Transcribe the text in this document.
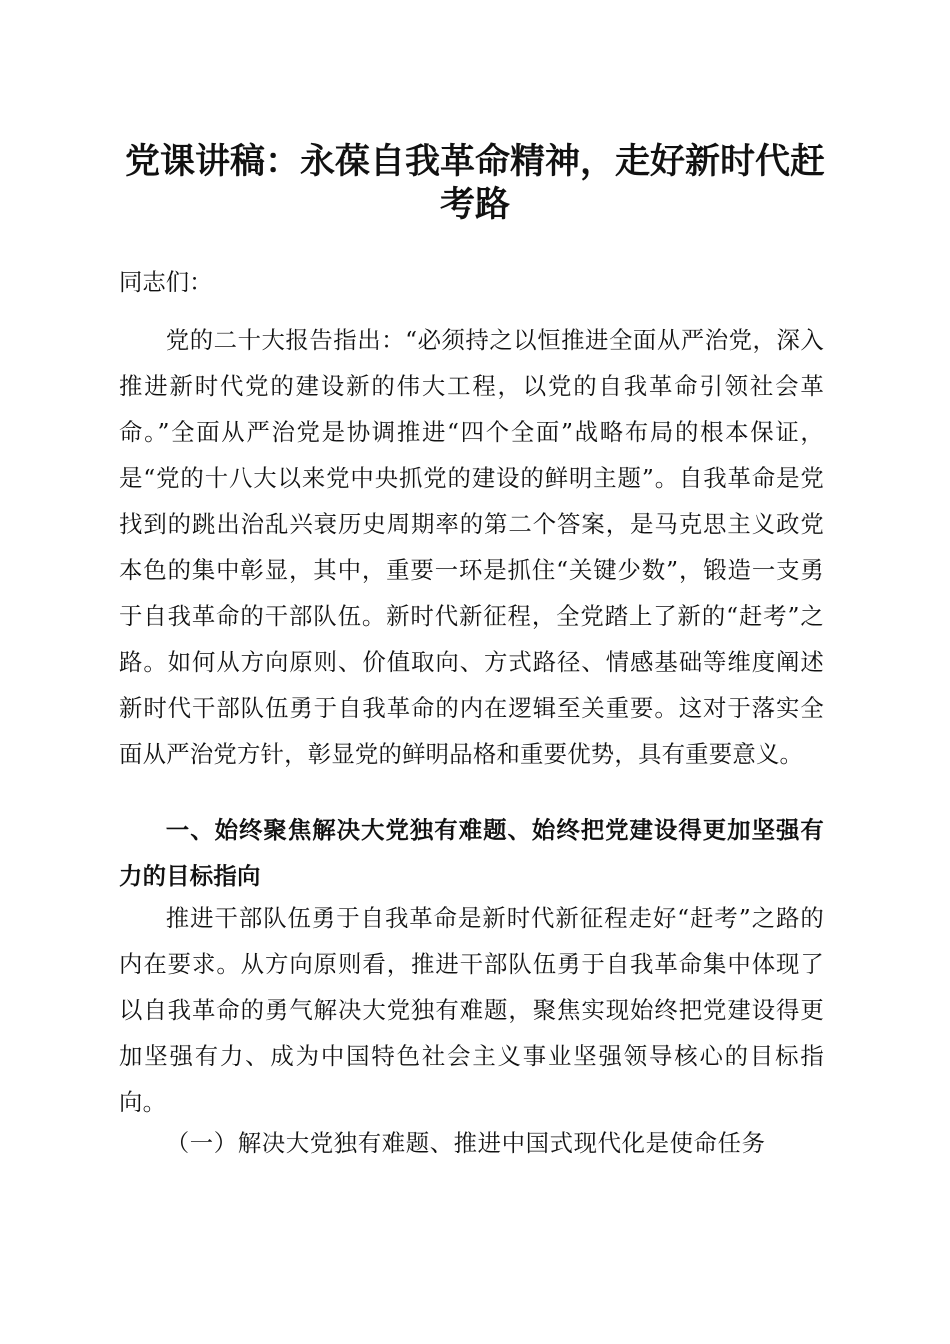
党课讲稿：永葆自我革命精神，走好新时代赶
考路

同志们：

党的二十大报告指出：“必须持之以恒推进全面从严治党，深入推进新时代党的建设新的伟大工程，以党的自我革命引领社会革命。”全面从严治党是协调推进“四个全面”战略布局的根本保证，是“党的十八大以来党中央抓党的建设的鲜明主题”。自我革命是党找到的跳出治乱兴衰历史周期率的第二个答案，是马克思主义政党本色的集中彰显，其中，重要一环是抓住“关键少数”，锻造一支勇于自我革命的干部队伍。新时代新征程，全党踏上了新的“赶考”之路。如何从方向原则、价值取向、方式路径、情感基础等维度阐述新时代干部队伍勇于自我革命的内在逻辑至关重要。这对于落实全面从严治党方针，彰显党的鲜明品格和重要优势，具有重要意义。

一、始终聚焦解决大党独有难题、始终把党建设得更加坚强有力的目标指向

推进干部队伍勇于自我革命是新时代新征程走好“赶考”之路的内在要求。从方向原则看，推进干部队伍勇于自我革命集中体现了以自我革命的勇气解决大党独有难题，聚焦实现始终把党建设得更加坚强有力、成为中国特色社会主义事业坚强领导核心的目标指向。

（一）解决大党独有难题、推进中国式现代化是使命任务
